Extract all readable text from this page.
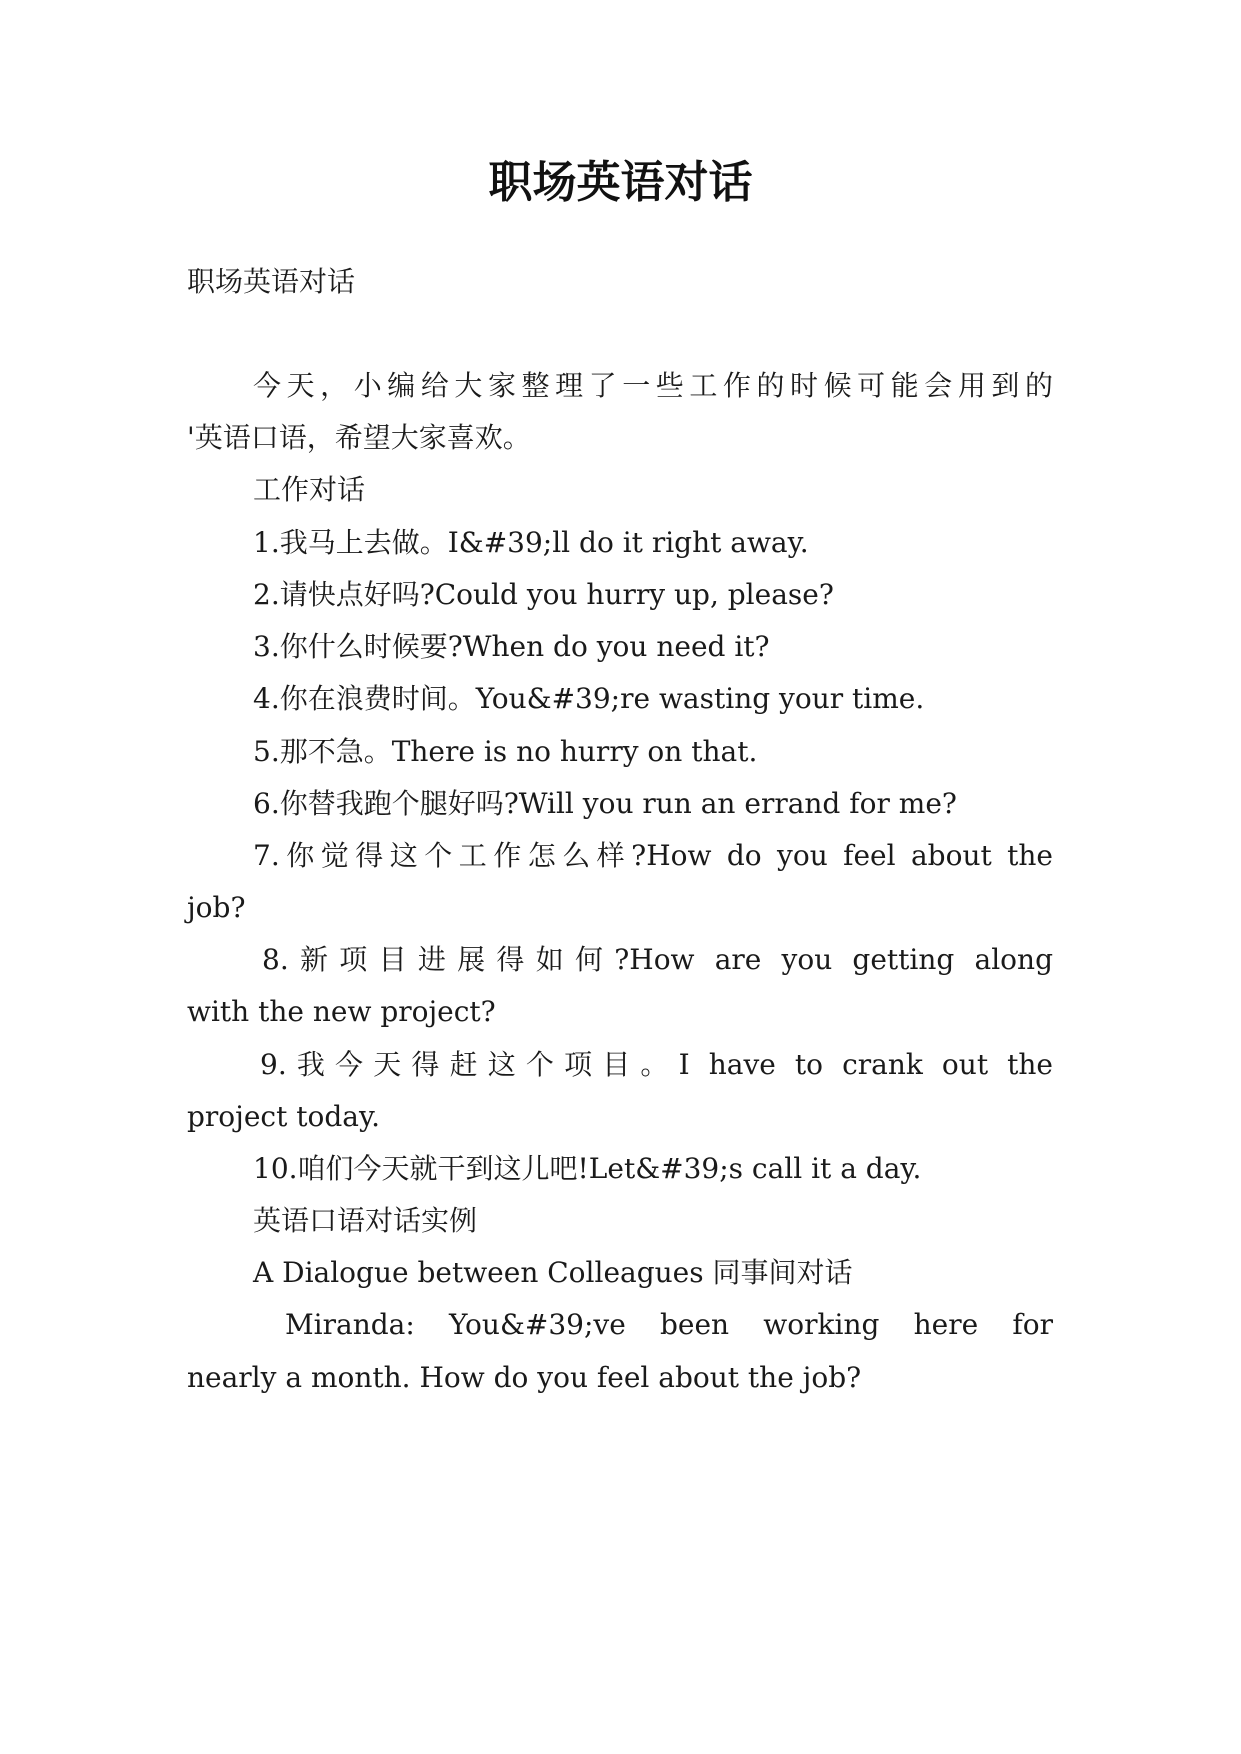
职场英语对话
职场英语对话
今天，小编给大家整理了一些工作的时候可能会用到的
'英语口语，希望大家喜欢。
工作对话
1.我马上去做。I&#39;ll do it right away.
2.请快点好吗?Could you hurry up, please?
3.你什么时候要?When do you need it?
4.你在浪费时间。You&#39;re wasting your time.
5.那不急。There is no hurry on that.
6.你替我跑个腿好吗?Will you run an errand for me?
7.你觉得这个工作怎么样?How do you feel about the
job?
8.新项目进展得如何?How are you getting along
with the new project?
9.我今天得赶这个项目。I have to crank out the
project today.
10.咱们今天就干到这儿吧!Let&#39;s call it a day.
英语口语对话实例
A Dialogue between Colleagues 同事间对话
Miranda: You&#39;ve been working here for
nearly a month. How do you feel about the job?
